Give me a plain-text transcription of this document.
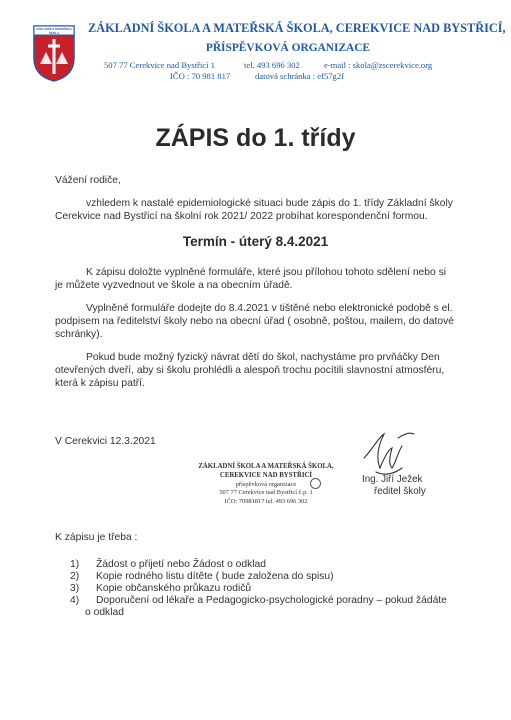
ZÁKLADNÍ A MATEŘSKÁ ŠKOLA	ZÁKLADNÍ ŠKOLA A MATEŘSKÁ ŠKOLA, CEREKVICE NAD BYSTŘICÍ,
PŘÍSPĚVKOVÁ ORGANIZACE
507 77 Cerekvice nad Bystřicí 1	tel. 493 696 302	e-mail : skola@zscerekvice.org
IČO : 70 981 817	datová schránka : ef57g2f
ZÁPIS do 1. třídy
Vážení rodiče,
vzhledem k nastalé epidemiologické situaci bude zápis do 1. třídy Základní školy
Cerekvice nad Bystřicí na školní rok 2021/ 2022 probíhat korespondenční formou.
Termín - úterý 8.4.2021
K zápisu doložte vyplněné formuláře, které jsou přílohou tohoto sdělení nebo si
je můžete vyzvednout ve škole a na obecním úřadě.
Vyplněné formuláře dodejte do 8.4.2021 v tištěné nebo elektronické podobě s el.
podpisem na ředitelství školy nebo na obecní úřad ( osobně, poštou, mailem, do datové
schránky).
Pokud bude možný fyzický návrat dětí do škol, nachystáme pro prvňáčky Den
otevřených dveří, aby si školu prohlédli a alespoň trochu pocítili slavnostní atmosféru,
která k zápisu patří.
V Cerekvici 12.3.2021
ZÁKLADNÍ ŠKOLA A MATEŘSKÁ ŠKOLA,
CEREKVICE NAD BYSTŘICÍ
příspěvková organizace
507 77 Cerekvice nad Bystřicí č.p. 1
IČO: 70981817 tel. 493 696 302
Ing. Jiří Ježek
ředitel školy
K zápisu je třeba :
1) Žádost o přijetí nebo Žádost o odklad
2) Kopie rodného listu dítěte ( bude založena do spisu)
3) Kopie občanského průkazu rodičů
4) Doporučení od lékaře a Pedagogicko-psychologické poradny – pokud žádáte
o odklad
